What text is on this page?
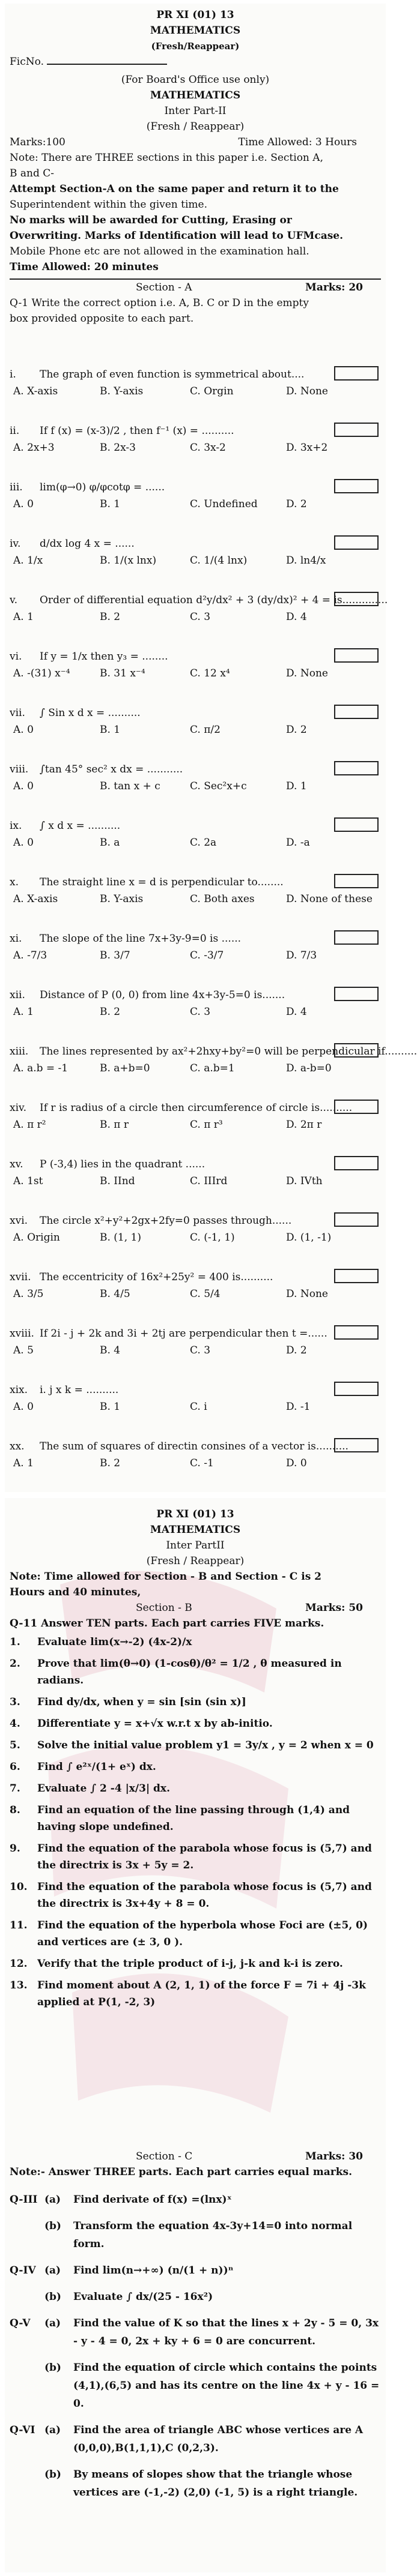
PR XI (01) 13
MATHEMATICS
(Fresh/Reappear)
FicNo.
(For Board's Office use only)
MATHEMATICS
Inter Part-II
(Fresh / Reappear)
Marks:100	Time Allowed: 3 Hours
Note: There are THREE sections in this paper i.e. Section A,
B and C-
Attempt Section-A on the same paper and return it to the
Superintendent within the given time.
No marks will be awarded for Cutting, Erasing or
Overwriting. Marks of Identification will lead to UFMcase.
Mobile Phone etc are not allowed in the examination hall.
Time Allowed: 20 minutes
Section - A	Marks: 20
Q-1 Write the correct option i.e. A, B. C or D in the empty
box provided opposite to each part.
i. The graph of even function is symmetrical about....
A. X-axis	B. Y-axis	C. Orgin	D. None
ii. If f (x) = (x-3)/2 , then f⁻¹ (x) = ..........
A. 2x+3	B. 2x-3	C. 3x-2	D. 3x+2
iii. lim(φ→0) φ/φcotφ = ......
A. 0	B. 1	C. Undefined	D. 2
iv. d/dx log 4 x = ......
A. 1/x	B. 1/(x lnx)	C. 1/(4 lnx)	D. ln4/x
v. Order of differential equation d²y/dx² + 3 (dy/dx)² + 4 = is..............
A. 1	B. 2	C. 3	D. 4
vi. If y = 1/x then y₃ = ........
A. -(31) x⁻⁴	B. 31 x⁻⁴	C. 12 x⁴	D. None
vii. ∫ Sin x d x = ..........
A. 0	B. 1	C. π/2	D. 2
viii. ∫tan 45° sec² x dx = ...........
A. 0	B. tan x + c	C. Sec²x+c	D. 1
ix. ∫ x d x = ..........
A. 0	B. a	C. 2a	D. -a
x. The straight line x = d is perpendicular to........
A. X-axis	B. Y-axis	C. Both axes	D. None of these
xi. The slope of the line 7x+3y-9=0 is ......
A. -7/3	B. 3/7	C. -3/7	D. 7/3
xii. Distance of P (0, 0) from line 4x+3y-5=0 is.......
A. 1	B. 2	C. 3	D. 4
xiii. The lines represented by ax²+2hxy+by²=0 will be perpendicular if..........
A. a.b = -1	B. a+b=0	C. a.b=1	D. a-b=0
xiv. If r is radius of a circle then circumference of circle is..........
A. π r²	B. π r	C. π r³	D. 2π r
xv. P (-3,4) lies in the quadrant ......
A. 1st	B. IInd	C. IIIrd	D. IVth
xvi. The circle x²+y²+2gx+2fy=0 passes through......
A. Origin	B. (1, 1)	C. (-1, 1)	D. (1, -1)
xvii. The eccentricity of 16x²+25y² = 400 is..........
A. 3/5	B. 4/5	C. 5/4	D. None
xviii. If 2i - j + 2k and 3i + 2tj are perpendicular then t =......
A. 5	B. 4	C. 3	D. 2
xix. i. j x k = ..........
A. 0	B. 1	C. i	D. -1
xx. The sum of squares of directin consines of a vector is..........
A. 1	B. 2	C. -1	D. 0
PR XI (01) 13
MATHEMATICS
Inter PartII
(Fresh / Reappear)
Note: Time allowed for Section - B and Section - C is 2
Hours and 40 minutes,
Section - B	Marks: 50
Q-11 Answer TEN parts. Each part carries FIVE marks.
1.	Evaluate lim(x→-2) (4x-2)/x
2.	Prove that lim(θ→0) (1-cosθ)/θ² = 1/2 , θ measured in radians.
3.	Find dy/dx, when y = sin [sin (sin x)]
4.	Differentiate y = x+√x w.r.t x by ab-initio.
5.	Solve the initial value problem y1 = 3y/x , y = 2 when x = 0
6.	Find ∫ e²ˣ/(1+ eˣ) dx.
7.	Evaluate ∫ 2 -4 |x/3| dx.
8.	Find an equation of the line passing through (1,4) and having slope undefined.
9.	Find the equation of the parabola whose focus is (5,7) and the directrix is 3x + 5y = 2.
10. Find the equation of the parabola whose focus is (5,7) and the directrix is 3x+4y + 8 = 0.
11. Find the equation of the hyperbola whose Foci are (±5, 0) and vertices are (± 3, 0 ).
12. Verify that the triple product of i-j, j-k and k-i is zero.
13. Find moment about A (2, 1, 1) of the force F = 7i + 4j -3k applied at P(1, -2, 3)
Section - C	Marks: 30
Note:- Answer THREE parts. Each part carries equal marks.
Q-III (a)	Find derivate of f(x) =(lnx)ˣ
(b)	Transform the equation 4x-3y+14=0 into normal form.
Q-IV (a)	Find lim(n→+∞) (n/(1 + n))ⁿ
(b)	Evaluate ∫ dx/(25 - 16x²)
Q-V	(a)	Find the value of K so that the lines x + 2y - 5 = 0, 3x - y - 4 = 0, 2x + ky + 6 = 0 are concurrent.
(b)	Find the equation of circle which contains the points (4,1),(6,5) and has its centre on the line 4x + y - 16 = 0.
Q-VI (a)	Find the area of triangle ABC whose vertices are A (0,0,0),B(1,1,1),C (0,2,3).
(b)	By means of slopes show that the triangle whose vertices are (-1,-2) (2,0) (-1, 5) is a right triangle.
